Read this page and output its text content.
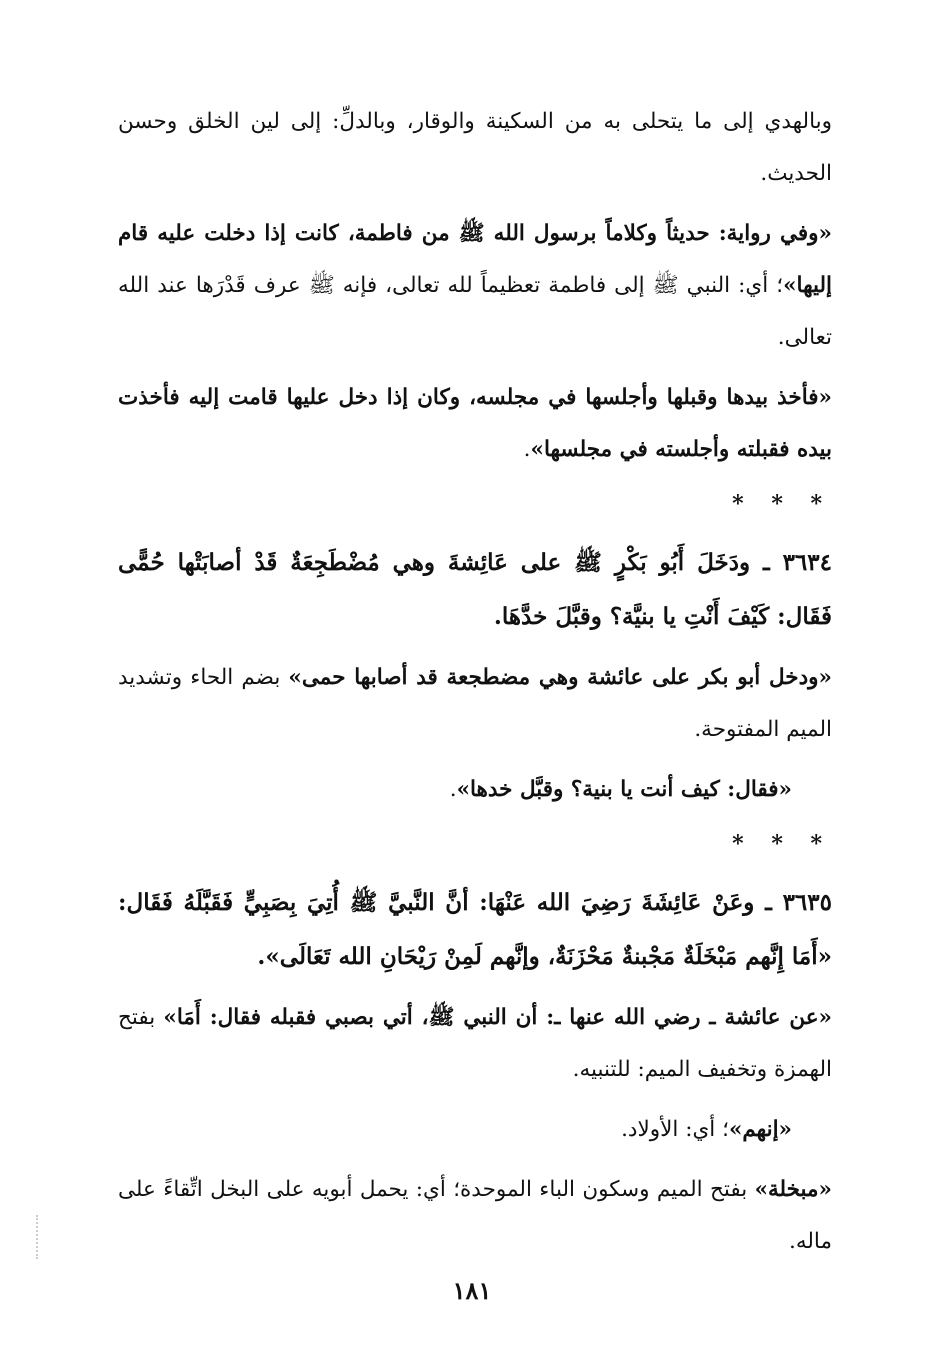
وبالهدي إلى ما يتحلى به من السكينة والوقار، وبالدلِّ: إلى لين الخلق وحسن الحديث.

«وفي رواية: حديثاً وكلاماً برسول الله ﷺ من فاطمة، كانت إذا دخلت عليه قام إليها»؛ أي: النبي ﷺ إلى فاطمة تعظيماً لله تعالى، فإنه ﷺ عرف قَدْرَها عند الله تعالى.

«فأخذ بيدها وقبلها وأجلسها في مجلسه، وكان إذا دخل عليها قامت إليه فأخذت بيده فقبلته وأجلسته في مجلسها».

* * *

٣٦٣٤ ـ ودَخَلَ أَبُو بَكْرٍ ﷺ على عَائِشةَ وهي مُضْطَجِعَةٌ قَدْ أصابَتْها حُمًّى فَقَال: كَيْفَ أَنْتِ يا بنيَّة؟ وقبَّلَ خدَّهَا.

«ودخل أبو بكر على عائشة وهي مضطجعة قد أصابها حمى» بضم الحاء وتشديد الميم المفتوحة.

«فقال: كيف أنت يا بنية؟ وقبَّل خدها».

* * *

٣٦٣٥ ـ وعَنْ عَائِشَةَ رَضِيَ الله عَنْهَا: أنَّ النَّبيَّ ﷺ أُتِيَ بِصَبِيٍّ فَقَبَّلَهُ فَقَال: «أَمَا إِنَّهم مَبْخَلَةٌ مَجْبنةٌ مَحْزَنَةٌ، وإنَّهم لَمِنْ رَيْحَانِ الله تَعَالَى».

«عن عائشة ـ رضي الله عنها ـ: أن النبي ﷺ، أتي بصبي فقبله فقال: أَمَا» بفتح الهمزة وتخفيف الميم: للتنبيه.

«إنهم»؛ أي: الأولاد.

«مبخلة» بفتح الميم وسكون الباء الموحدة؛ أي: يحمل أبويه على البخل اتِّقاءً على ماله.

١٨١
